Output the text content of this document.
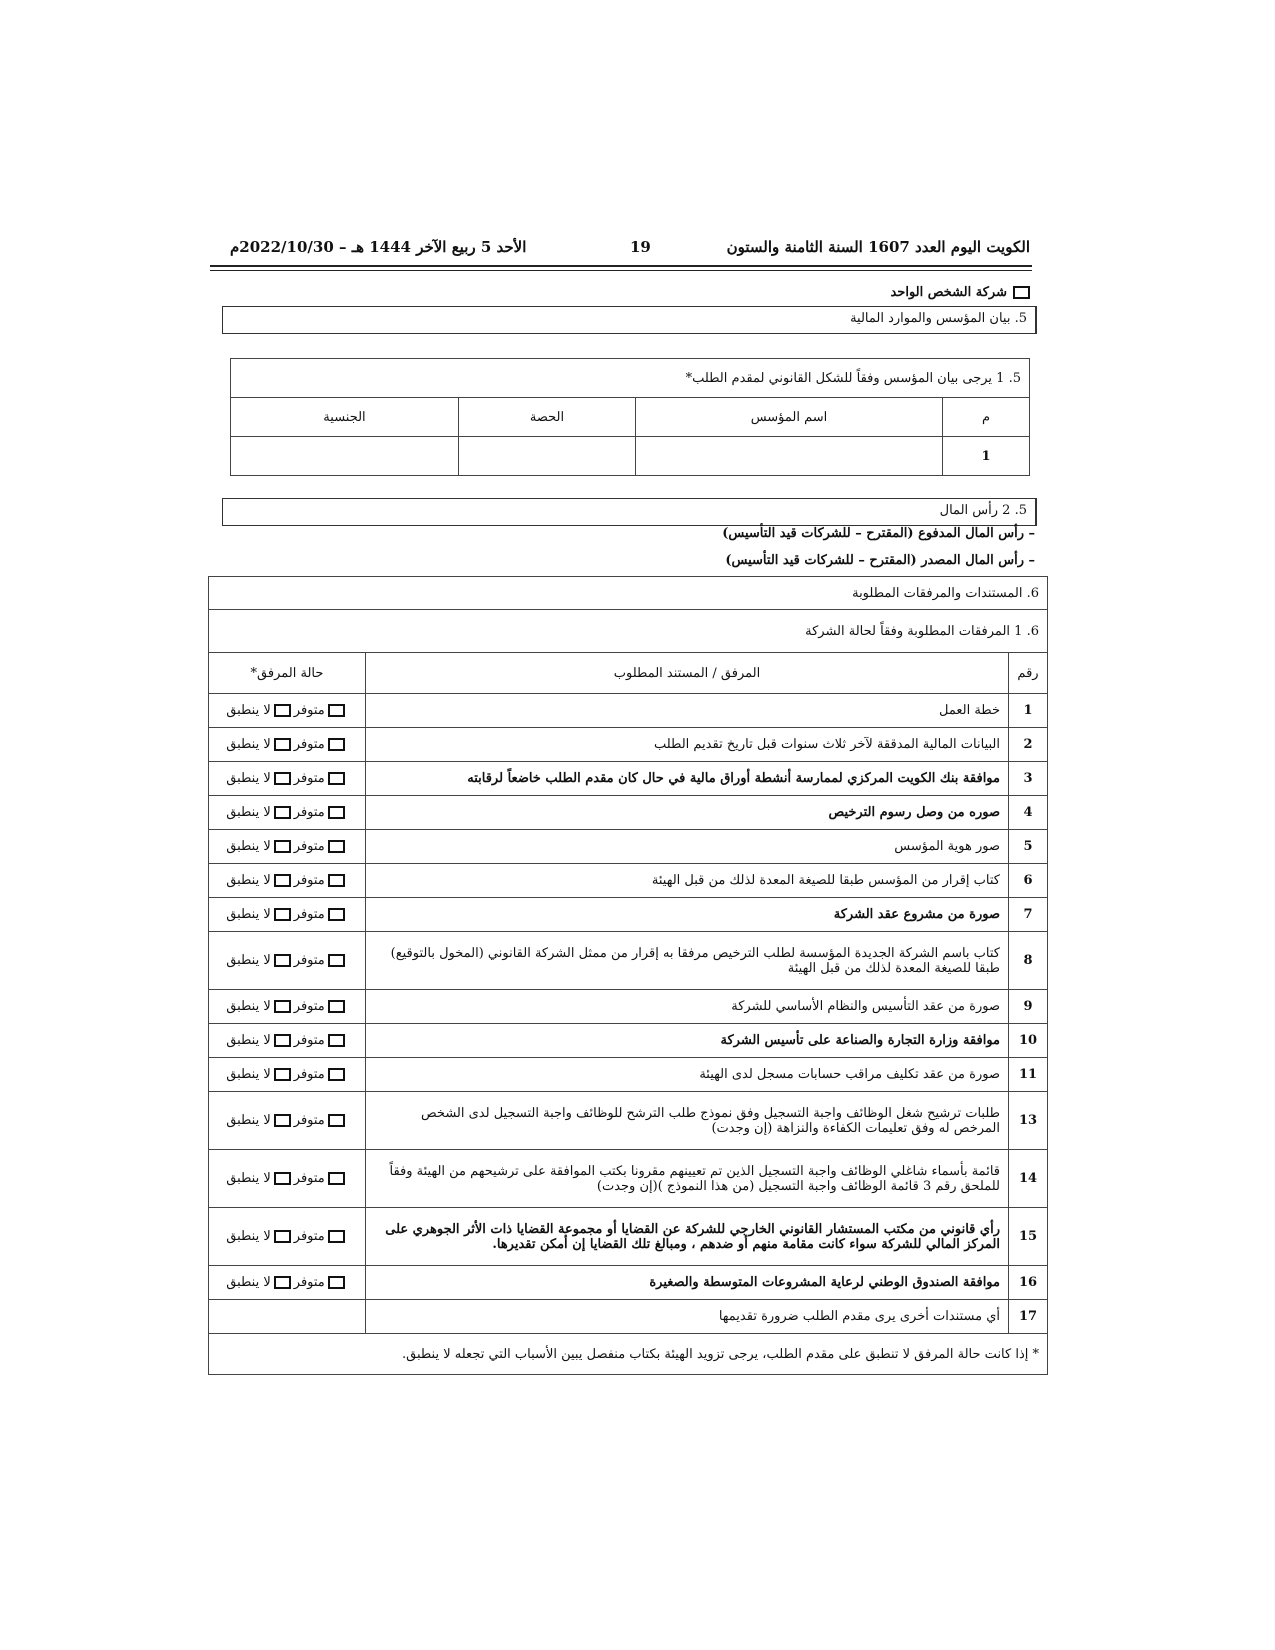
الكويت اليوم العدد 1607 السنة الثامنة والستون
19
الأحد 5 ربيع الآخر 1444 هـ – 2022/10/30م
شركة الشخص الواحد
5. بيان المؤسس والموارد المالية
5. 1 يرجى بيان المؤسس وفقاً للشكل القانوني لمقدم الطلب*			
م	اسم المؤسس	الحصة	الجنسية
1			
5. 2 رأس المال
– رأس المال المدفوع (المقترح – للشركات قيد التأسيس)
– رأس المال المصدر (المقترح – للشركات قيد التأسيس)
6. المستندات والمرفقات المطلوبة		
6. 1 المرفقات المطلوبة وفقاً لحالة الشركة		
رقم	المرفق / المستند المطلوب	حالة المرفق*
1	خطة العمل	متوفرلا ينطبق
2	البيانات المالية المدققة لآخر ثلاث سنوات قبل تاريخ تقديم الطلب	متوفرلا ينطبق
3	موافقة بنك الكويت المركزي لممارسة أنشطة أوراق مالية في حال كان مقدم الطلب خاضعاً لرقابته	متوفرلا ينطبق
4	صوره من وصل رسوم الترخيص	متوفرلا ينطبق
5	صور هوية المؤسس	متوفرلا ينطبق
6	كتاب إقرار من المؤسس طبقا للصيغة المعدة لذلك من قبل الهيئة	متوفرلا ينطبق
7	صورة من مشروع عقد الشركة	متوفرلا ينطبق
8	كتاب باسم الشركة الجديدة المؤسسة لطلب الترخيص مرفقا به إقرار من ممثل الشركة القانوني (المخول بالتوقيع) طبقا للصيغة المعدة لذلك من قبل الهيئة	متوفرلا ينطبق
9	صورة من عقد التأسيس والنظام الأساسي للشركة	متوفرلا ينطبق
10	موافقة وزارة التجارة والصناعة على تأسيس الشركة	متوفرلا ينطبق
11	صورة من عقد تكليف مراقب حسابات مسجل لدى الهيئة	متوفرلا ينطبق
13	طلبات ترشيح شغل الوظائف واجبة التسجيل وفق نموذج طلب الترشح للوظائف واجبة التسجيل لدى الشخص المرخص له وفق تعليمات الكفاءة والنزاهة (إن وجدت)	متوفرلا ينطبق
14	قائمة بأسماء شاغلي الوظائف واجبة التسجيل الذين تم تعيينهم مقرونا بكتب الموافقة على ترشيحهم من الهيئة وفقاً للملحق رقم 3 قائمة الوظائف واجبة التسجيل (من هذا النموذج )(إن وجدت)	متوفرلا ينطبق
15	رأي قانوني من مكتب المستشار القانوني الخارجي للشركة عن القضايا أو مجموعة القضايا ذات الأثر الجوهري على المركز المالي للشركة سواء كانت مقامة منهم أو ضدهم ، ومبالغ تلك القضايا إن أمكن تقديرها.	متوفرلا ينطبق
16	موافقة الصندوق الوطني لرعاية المشروعات المتوسطة والصغيرة	متوفرلا ينطبق
17	أي مستندات أخرى يرى مقدم الطلب ضرورة تقديمها	
* إذا كانت حالة المرفق لا تنطبق على مقدم الطلب، يرجى تزويد الهيئة بكتاب منفصل يبين الأسباب التي تجعله لا ينطبق.		
